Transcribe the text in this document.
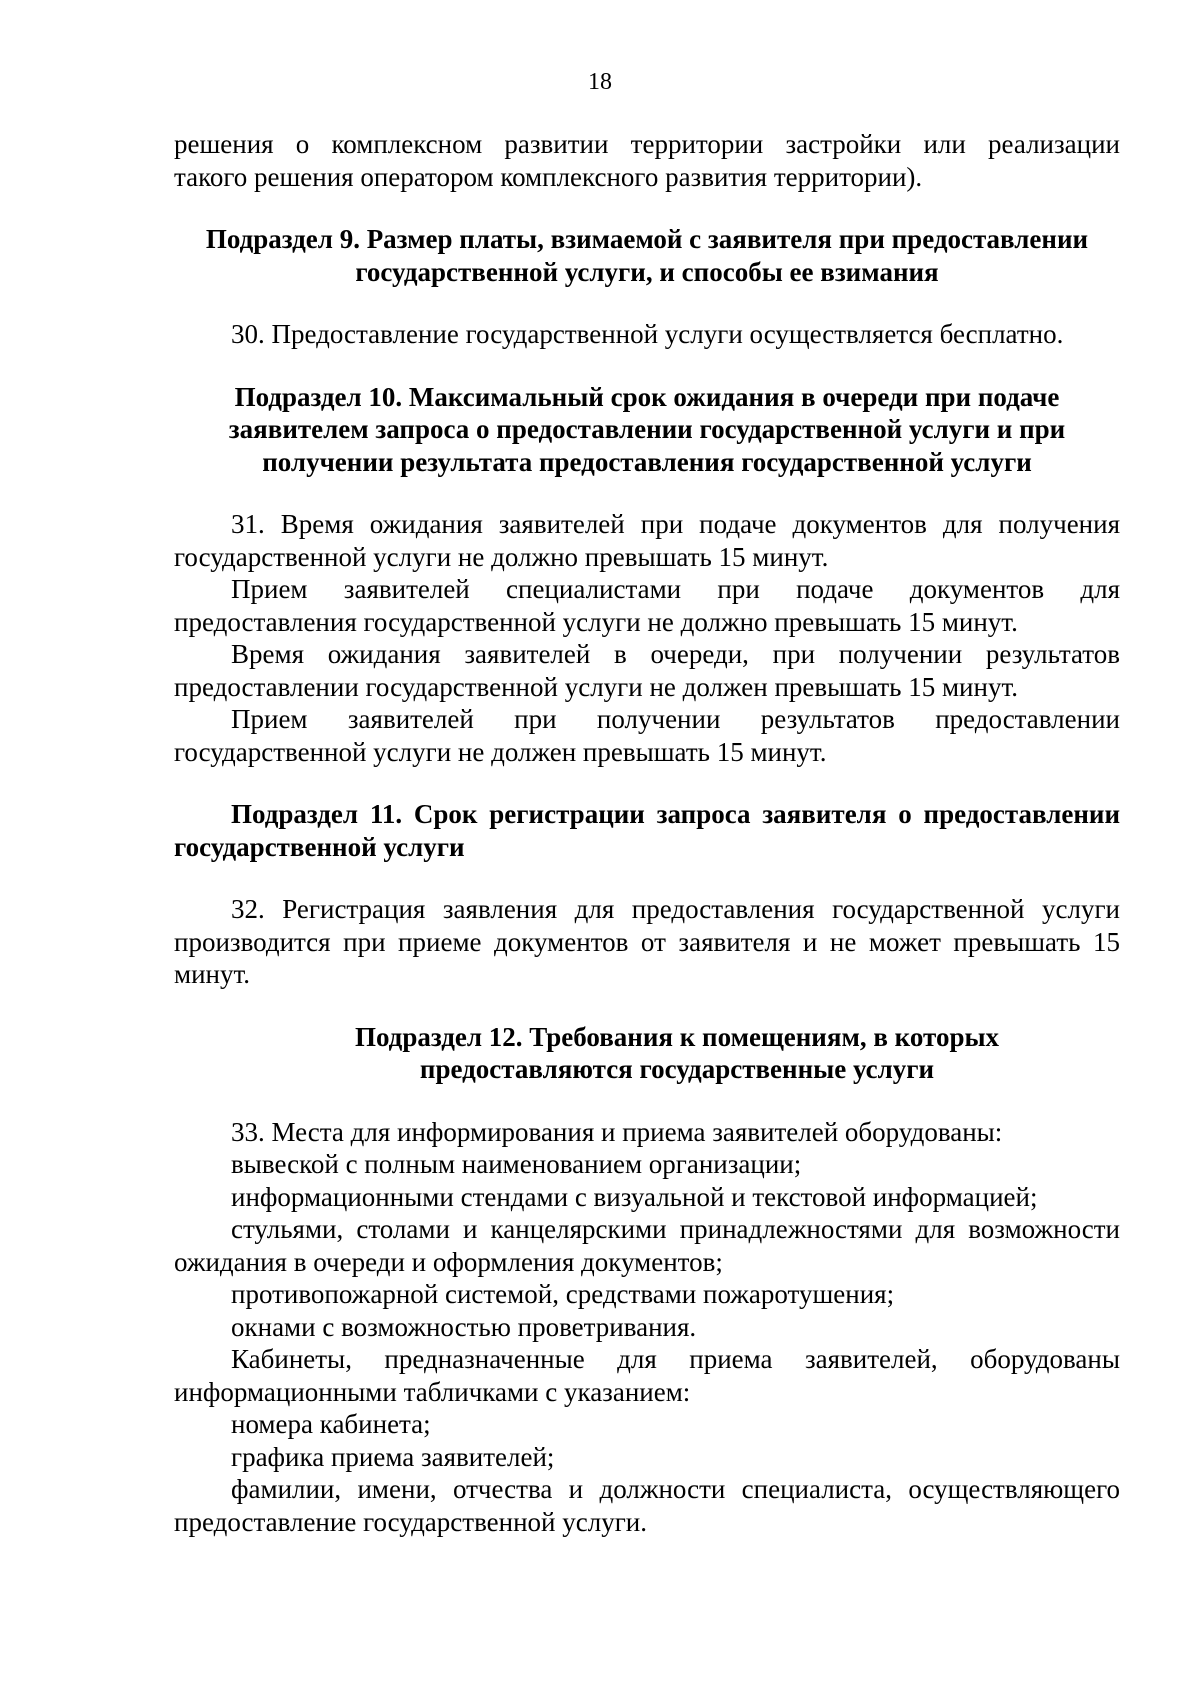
18

решения о комплексном развитии территории застройки или реализации

такого решения оператором комплексного развития территории).

Подраздел 9. Размер платы, взимаемой с заявителя при предоставлении

государственной услуги, и способы ее взимания

30. Предоставление государственной услуги осуществляется бесплатно.

Подраздел 10. Максимальный срок ожидания в очереди при подаче

заявителем запроса о предоставлении государственной услуги и при

получении результата предоставления государственной услуги

31. Время ожидания заявителей при подаче документов для получения государственной услуги не должно превышать 15 минут.

Прием заявителей специалистами при подаче документов для предоставления государственной услуги не должно превышать 15 минут.

Время ожидания заявителей в очереди, при получении результатов предоставлении государственной услуги не должен превышать 15 минут.

Прием заявителей при получении результатов предоставлении государственной услуги не должен превышать 15 минут.

Подраздел 11. Срок регистрации запроса заявителя о предоставлении государственной услуги

32. Регистрация заявления для предоставления государственной услуги производится при приеме документов от заявителя и не может превышать 15 минут.

Подраздел 12. Требования к помещениям, в которых

предоставляются государственные услуги

33. Места для информирования и приема заявителей оборудованы:

вывеской с полным наименованием организации;

информационными стендами с визуальной и текстовой информацией;

стульями, столами и канцелярскими принадлежностями для возможности ожидания в очереди и оформления документов;

противопожарной системой, средствами пожаротушения;

окнами с возможностью проветривания.

Кабинеты, предназначенные для приема заявителей, оборудованы информационными табличками с указанием:

номера кабинета;

графика приема заявителей;

фамилии, имени, отчества и должности специалиста, осуществляющего предоставление государственной услуги.
